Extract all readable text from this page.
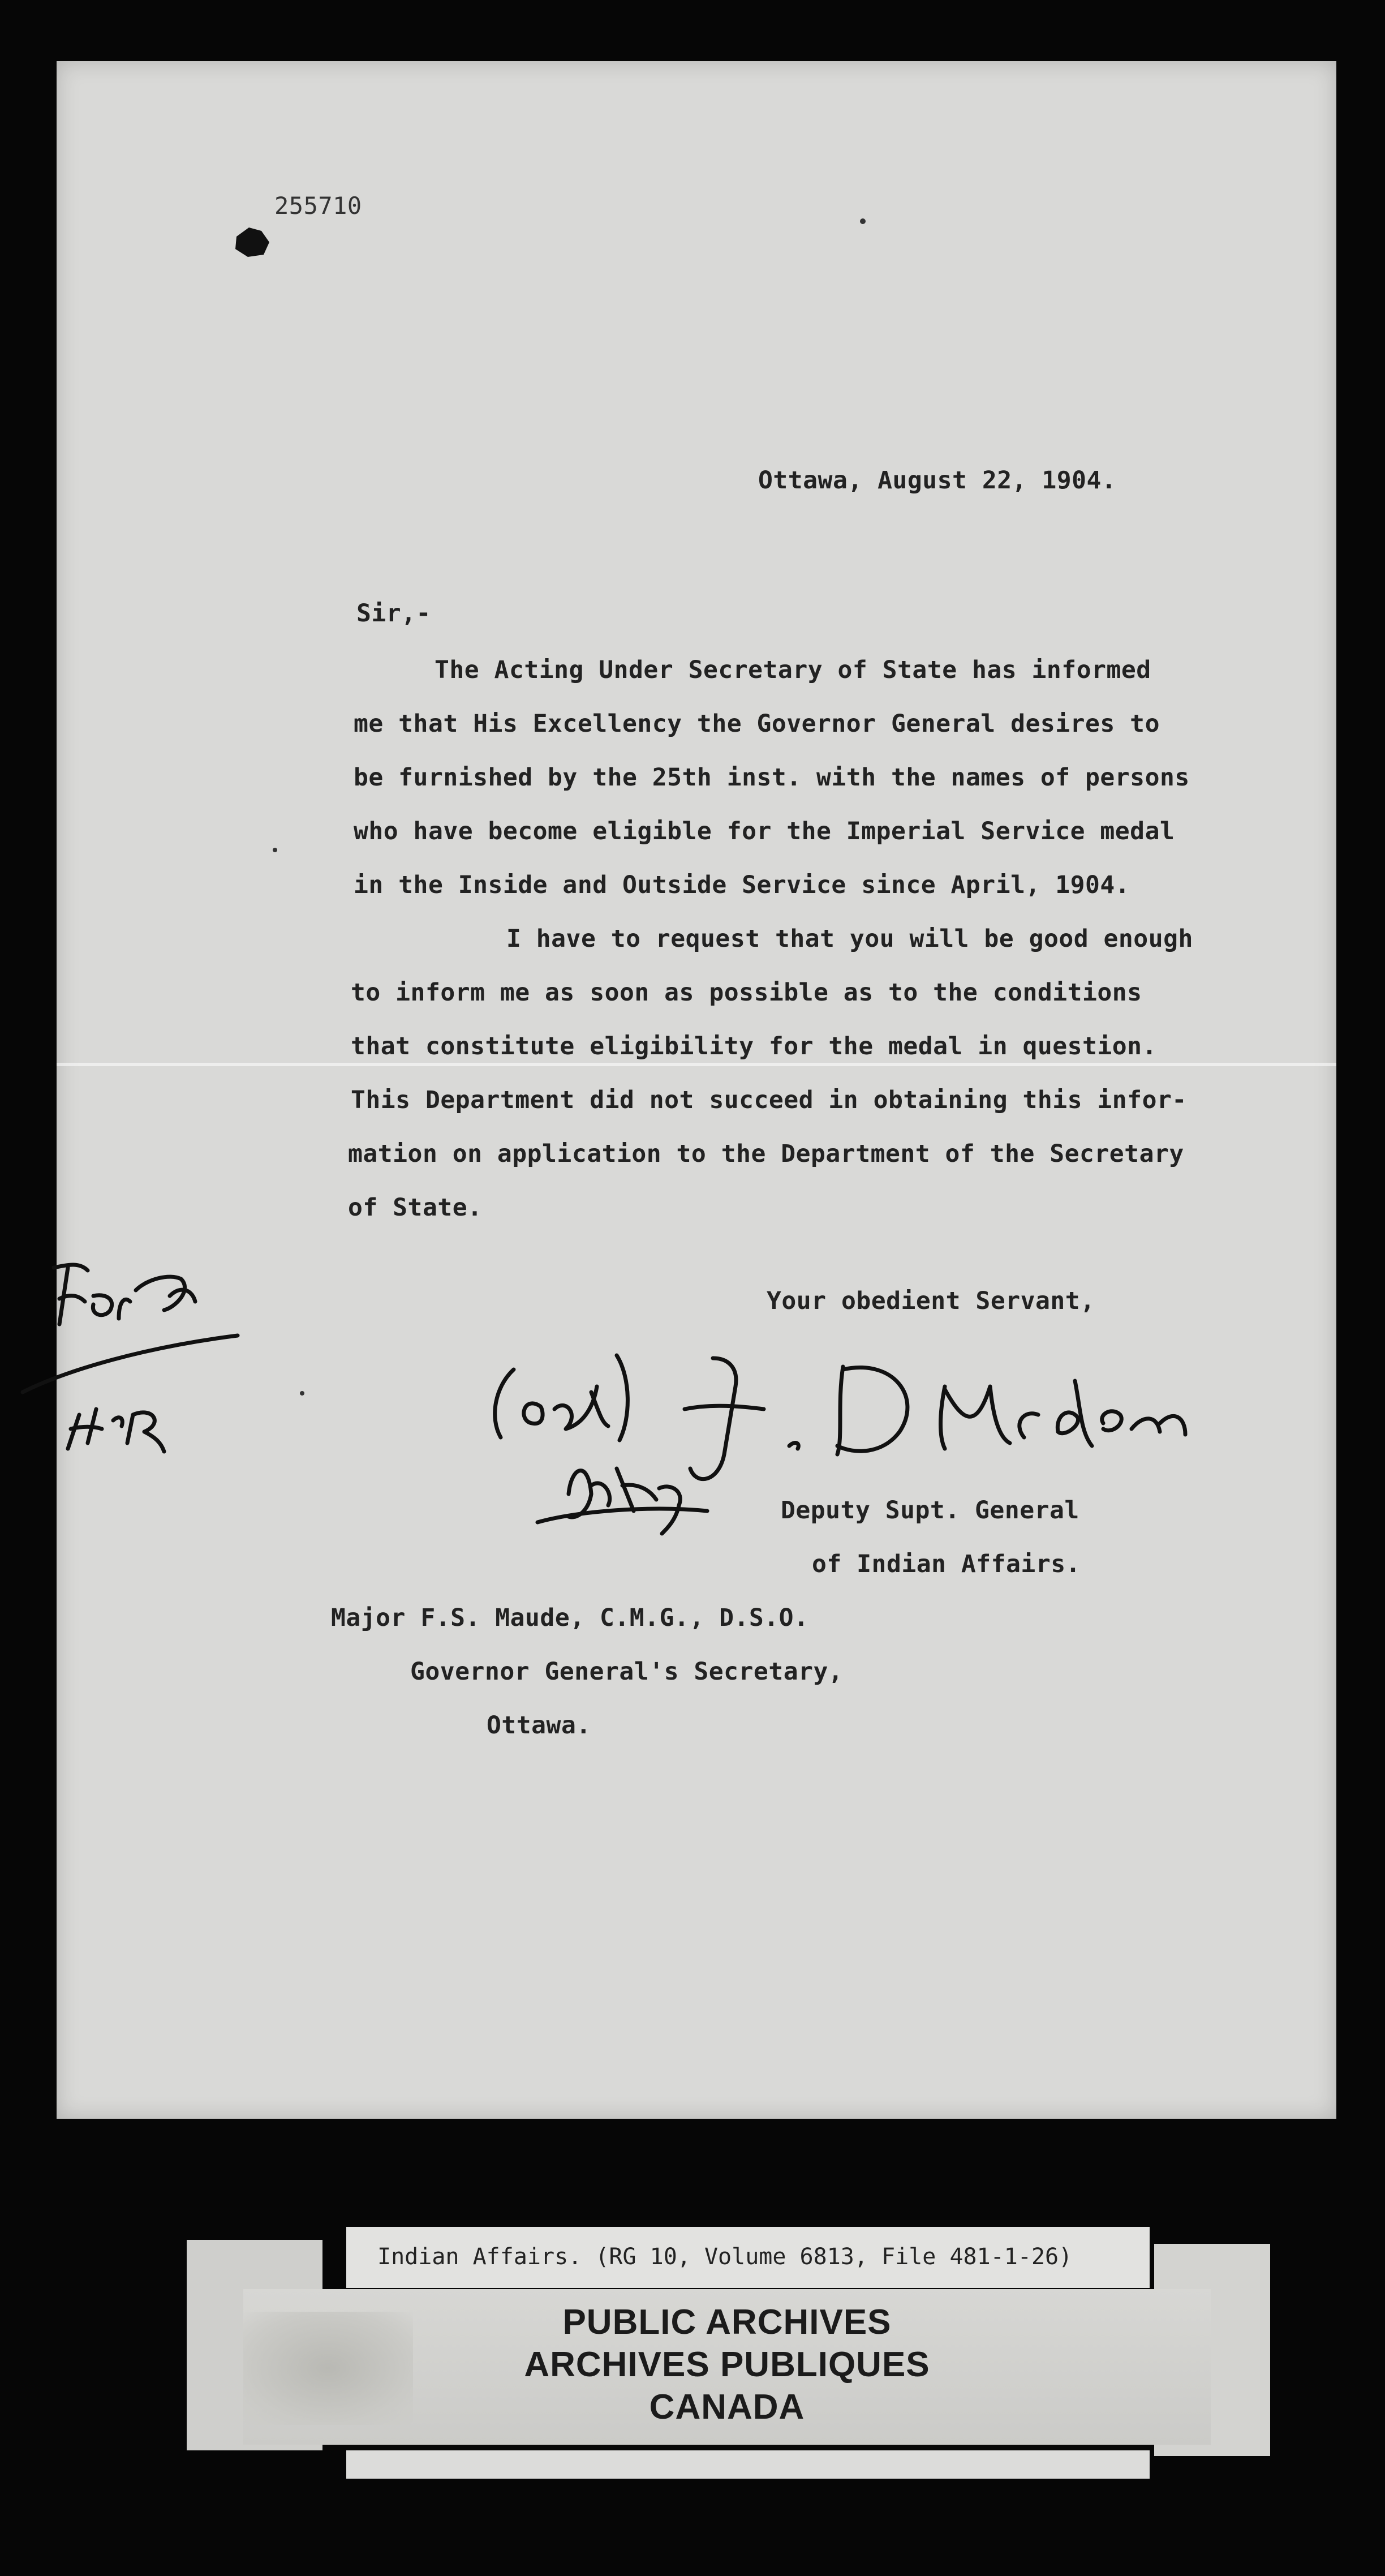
255710
Ottawa, August 22, 1904.
Sir,-
The Acting Under Secretary of State has informed
me that His Excellency the Governor General desires to
be furnished by the 25th inst. with the names of persons
who have become eligible for the Imperial Service medal
in the Inside and Outside Service since April, 1904.
I have to request that you will be good enough
to inform me as soon as possible as to the conditions
that constitute eligibility for the medal in question.
This Department did not succeed in obtaining this infor-
mation on application to the Department of the Secretary
of State.
Your obedient Servant,
Deputy Supt. General
of Indian Affairs.
Major F.S. Maude, C.M.G., D.S.O.
Governor General's Secretary,
Ottawa.
Indian Affairs. (RG 10, Volume 6813, File 481-1-26)
PUBLIC ARCHIVES
ARCHIVES PUBLIQUES
CANADA
